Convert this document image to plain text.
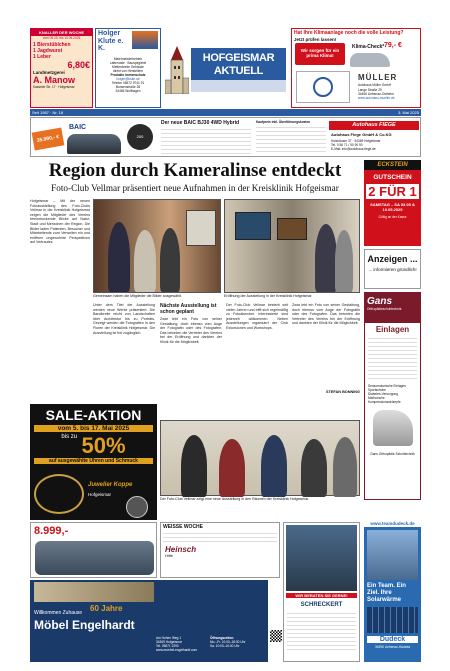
KNALLER DER WOCHE
vom 05.05. bis 10.05.2025
1 Bierstüblchen
1 Jagdwurst
1 Leber
6,80€
Landmetzgerei
A. Manow
Kasseler Str. 17 · Hofgeismar
Holger Klute e. K.
Malermeisterbetrieb
Lattenoste · Bauspeglerei
Mettenbrede Gebäude
direkt von Herstellern
Produkte Immenschutz
holger@klute.de
Telefon 05672 9741 91
Bunsenstraße 28
34466 Wolfhagen
HOFGEISMAR AKTUELL
Hat Ihre Klimaanlage noch die volle Leistung?
Jetzt prüfen lassen!
Wir sorgen für ein prima Klima!
Klima-Check* 79,- €
MÜLLER
Autohaus Müller GmbH
Lange Straße 29
34466 Liebenau-Ostheim
www.autohaus-mueller.de
Seit 1987 · Nr. 18	3. Mai 2025
BAIC
35.990,- €	200
Der neue BAIC BJ30 4WD Hybrid	Kaufpreis inkl. Überführungskosten	Autohaus FIEGE
Autohaus Fiege GmbH & Co.KG
Holzhäuser 37 · 34369 Hofgeismar
Tel. 0 56 71 / 50 90 90
E-Mail: info@autohaus-fiege.de
Region durch Kameralinse entdeckt
Foto-Club Vellmar präsentiert neue Aufnahmen in der Kreisklinik Hofgeismar
Hofgeismar – Mit der neuen Fotoausstellung des Foto-Clubs Vellmar in der Kreisklinik Hofgeismar zeigen die Mitglieder des Vereins beeindruckende Blicke auf Natur, Stadt und Menschen der Region. Die Bilder laden Patienten, Besucher und Mitarbeitende zum Verweilen ein und eröffnen ungewohnte Perspektiven auf Vertrautes.
Gemeinsam haben die Mitglieder die Bilder ausgewählt.	Eröffnung der Ausstellung in der Kreisklinik Hofgeismar.
Unter dem Titel der Ausstellung werden neue Werke präsentiert. Die Bandbreite reicht von Landschaften über Architektur bis zu Porträts. Gezeigt werden die Fotografien in den Fluren der Kreisklinik Hofgeismar. Die Ausstellung ist frei zugänglich.
Nächste Ausstellung ist schon geplant
Zwar lebt ein Foto von seiner Gestaltung, doch ebenso vom Auge der Fotografin oder des Fotografen. Das betonten die Vertreter des Vereins bei der Eröffnung und dankten der Klinik für die Möglichkeit.
Der Foto-Club Vellmar besteht seit vielen Jahren und trifft sich regelmäßig zu Fotoabenden. Interessierte sind jederzeit willkommen. Neben Ausstellungen organisiert der Club Exkursionen und Workshops.
Zwar lebt ein Foto von seiner Gestaltung, doch ebenso vom Auge der Fotografin oder des Fotografen. Das betonten die Vertreter des Vereins bei der Eröffnung und dankten der Klinik für die Möglichkeit.
STEFAN BÖNNING
SALE-AKTION
vom 5. bis 17. Mai 2025
$^{bis zu}$ 50%
auf ausgewählte Uhren und Schmuck
Juwelier Koppe
Hofgeismar
Der Foto-Club Vellmar zeigt eine neue Ausstellung in den Räumen der Kreisklinik Hofgeismar.
ECKSTEIN
GUTSCHEIN
2 FÜR 1
SAMSTAG – SA 03.05 & 10.05.2025
Gültig an der Kasse
Anzeigen ...
... informieren gründlich!
Gans
Orthopädieschuhtechnik
Einlagen
Sensomotorische Einlagen
Sportschuhe
Diabetes-Versorgung
Maßschuhe
Kompressionsstrümpfe
Gans Orthopädie-Schuhtechnik
www.teamdudeck.de
Ein Team. Ein Ziel. Ihre Solarwärme
Dudeck
34396 Liebenau-Haueda
8.999,-
Willkommen Zuhause 60 Jahre
Möbel Engelhardt
Am Hohen Weg 1
34369 Hofgeismar
Tel. 05671 2290
www.moebel-engelhardt.com
Öffnungszeiten:
Mo.–Fr. 10:00–18:30 Uhr
Sa. 10:00–16:00 Uhr
WEISSE WOCHE
Heinsch
Hilfe
WIR BERATEN SIE GERNE!
SCHRECKERT
